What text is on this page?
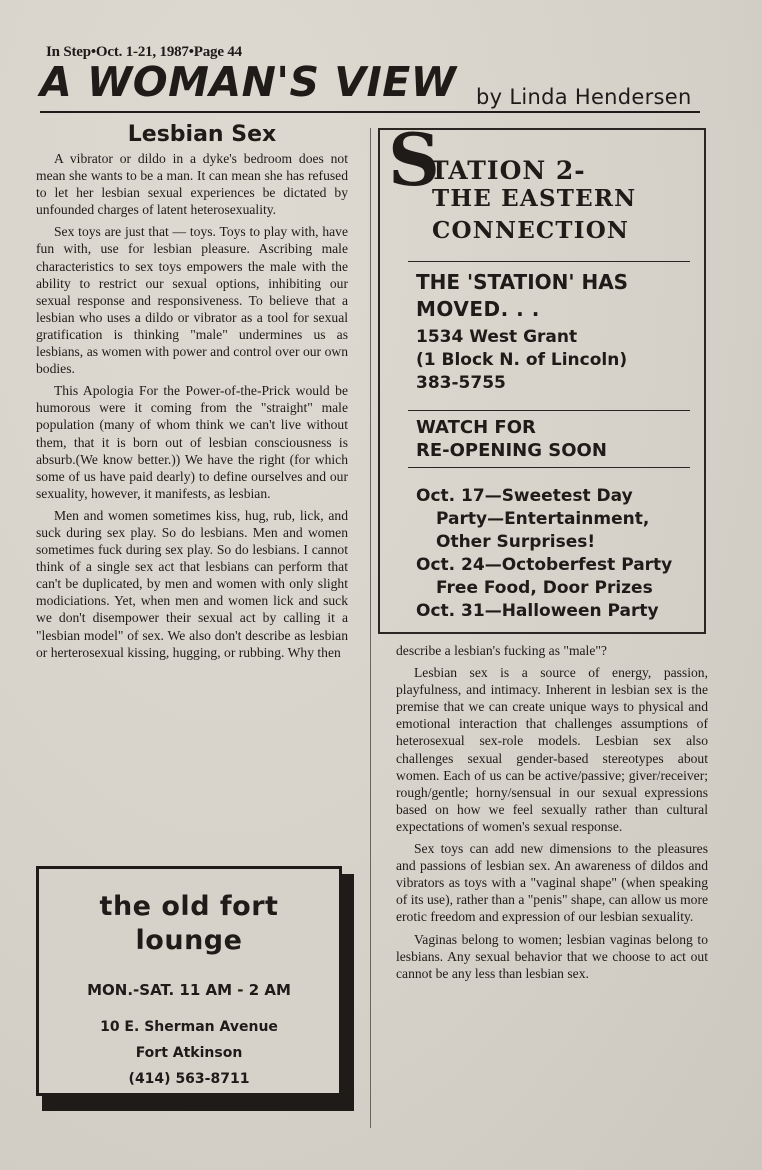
In Step•Oct. 1-21, 1987•Page 44
A WOMAN'S VIEW by Linda Hendersen
Lesbian Sex

A vibrator or dildo in a dyke's bedroom does not mean she wants to be a man. It can mean she has refused to let her lesbian sexual experiences be dictated by unfounded charges of latent heterosexuality.

Sex toys are just that — toys. Toys to play with, have fun with, use for lesbian pleasure. Ascribing male characteristics to sex toys empowers the male with the ability to restrict our sexual options, inhibiting our sexual response and responsiveness. To believe that a lesbian who uses a dildo or vibrator as a tool for sexual gratification is thinking "male" undermines us as lesbians, as women with power and control over our own bodies.

This Apologia For the Power-of-the-Prick would be humorous were it coming from the "straight" male population (many of whom think we can't live without them, that it is born out of lesbian consciousness is absurb.(We know better.)) We have the right (for which some of us have paid dearly) to define ourselves and our sexuality, however, it manifests, as lesbian.

Men and women sometimes kiss, hug, rub, lick, and suck during sex play. So do lesbians. Men and women sometimes fuck during sex play. So do lesbians. I cannot think of a single sex act that lesbians can perform that can't be duplicated, by men and women with only slight modiciations. Yet, when men and women lick and suck we don't disempower their sexual act by calling it a "lesbian model" of sex. We also don't describe as lesbian or herterosexual kissing, hugging, or rubbing. Why then

S
TATION 2-
THE EASTERN
CONNECTION
THE 'STATION' HAS
MOVED. . .
1534 West Grant
(1 Block N. of Lincoln)
383-5755
WATCH FOR
RE-OPENING SOON
Oct. 17—Sweetest Day
Party—Entertainment,
Other Surprises!
Oct. 24—Octoberfest Party
Free Food, Door Prizes
Oct. 31—Halloween Party

describe a lesbian's fucking as "male"?

Lesbian sex is a source of energy, passion, playfulness, and intimacy. Inherent in lesbian sex is the premise that we can create unique ways to physical and emotional interaction that challenges assumptions of heterosexual sex-role models. Lesbian sex also challenges sexual gender-based stereotypes about women. Each of us can be active/passive; giver/receiver; rough/gentle; horny/sensual in our sexual expressions based on how we feel sexually rather than cultural expectations of women's sexual response.

Sex toys can add new dimensions to the pleasures and passions of lesbian sex. An awareness of dildos and vibrators as toys with a "vaginal shape" (when speaking of its use), rather than a "penis" shape, can allow us more erotic freedom and expression of our lesbian sexuality.

Vaginas belong to women; lesbian vaginas belong to lesbians. Any sexual behavior that we choose to act out cannot be any less than lesbian sex.

the old fort
lounge
MON.-SAT. 11 AM - 2 AM
10 E. Sherman Avenue
Fort Atkinson
(414) 563-8711
